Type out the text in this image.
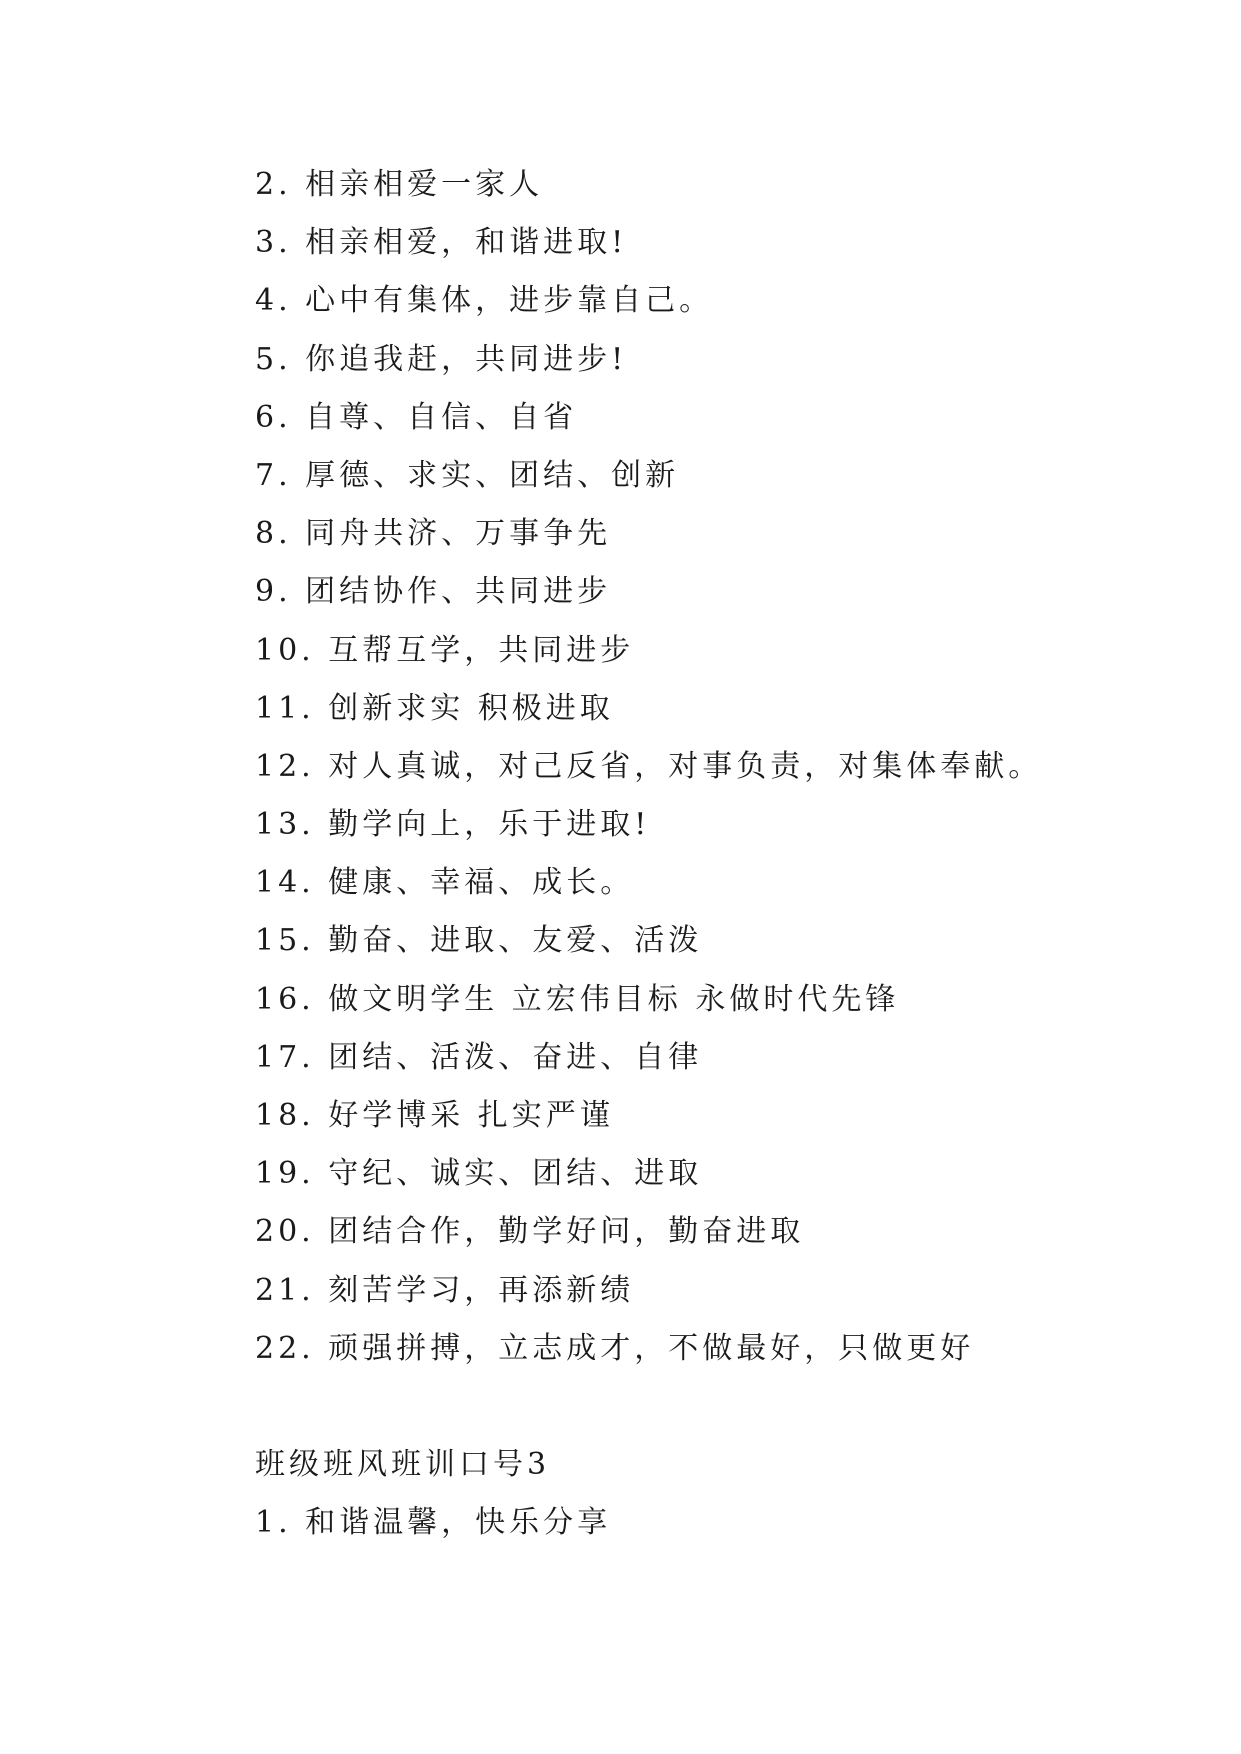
2. 相亲相爱一家人
3. 相亲相爱，和谐进取!
4. 心中有集体，进步靠自己。
5. 你追我赶，共同进步!
6. 自尊、自信、自省
7. 厚德、求实、团结、创新
8. 同舟共济、万事争先
9. 团结协作、共同进步
10. 互帮互学，共同进步
11. 创新求实 积极进取
12. 对人真诚，对己反省，对事负责，对集体奉献。
13. 勤学向上，乐于进取!
14. 健康、幸福、成长。
15. 勤奋、进取、友爱、活泼
16. 做文明学生 立宏伟目标 永做时代先锋
17. 团结、活泼、奋进、自律
18. 好学博采 扎实严谨
19. 守纪、诚实、团结、进取
20. 团结合作，勤学好问，勤奋进取
21. 刻苦学习，再添新绩
22. 顽强拼搏，立志成才，不做最好，只做更好
班级班风班训口号3
1. 和谐温馨，快乐分享
